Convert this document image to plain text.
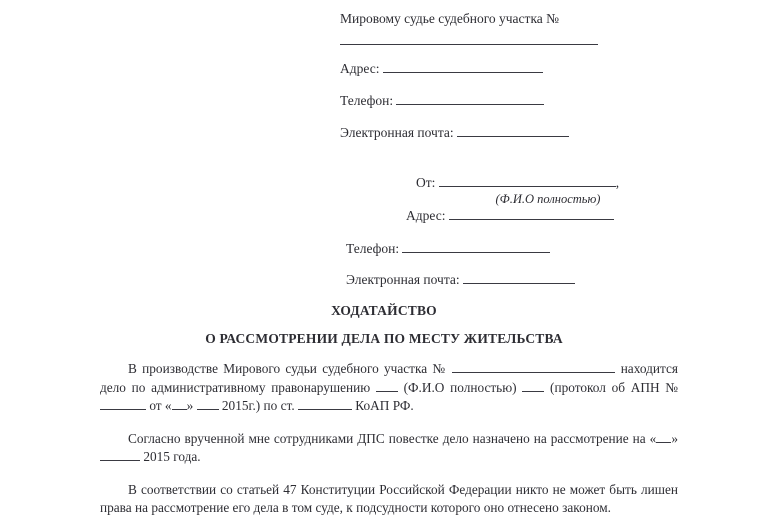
Мировому судье судебного участка №
Адрес:
Телефон:
Электронная почта:
От:	,
(Ф.И.О полностью)
Адрес:
Телефон:
Электронная почта:
ХОДАТАЙСТВО
О РАССМОТРЕНИИ ДЕЛА ПО МЕСТУ ЖИТЕЛЬСТВА

В производстве Мирового судьи судебного участка №	находится дело по административному правонарушению  (Ф.И.О полностью)  (протокол об АПН №  от « »  2015г.) по ст.	КоАП РФ.

Согласно врученной мне сотрудниками ДПС повестке дело назначено на рассмотрение на « »  2015 года.

В соответствии со статьей 47 Конституции Российской Федерации никто не может быть лишен права на рассмотрение его дела в том суде, к подсудности которого оно отнесено законом.
